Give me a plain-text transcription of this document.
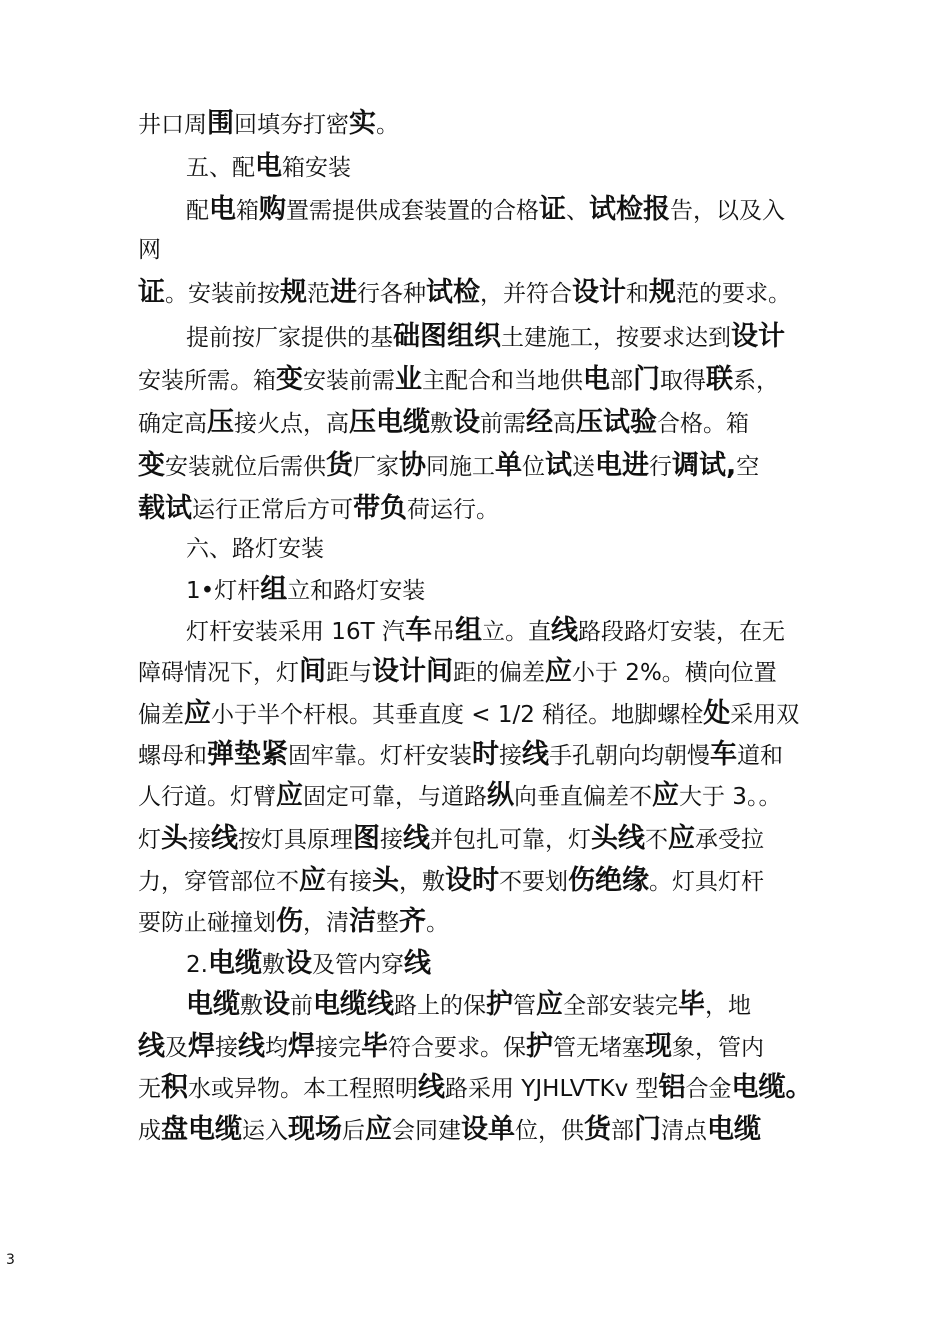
井口周围回填夯打密实。
五、配电箱安装
配电箱购置需提供成套装置的合格证、试检报告，以及入
网
证。安装前按规范进行各种试检，并符合设计和规范的要求。
提前按厂家提供的基础图组织土建施工，按要求达到设计
安装所需。箱变安装前需业主配合和当地供电部门取得联系，
确定高压接火点，高压电缆敷设前需经高压试验合格。箱
变安装就位后需供货厂家协同施工单位试送电进行调试,空
载试运行正常后方可带负荷运行。
六、路灯安装
1•灯杆组立和路灯安装
灯杆安装采用 16T 汽车吊组立。直线路段路灯安装，在无
障碍情况下，灯间距与设计间距的偏差应小于 2%。横向位置
偏差应小于半个杆根。其垂直度 < 1/2 稍径。地脚螺栓处采用双
螺母和弹垫紧固牢靠。灯杆安装时接线手孔朝向均朝慢车道和
人行道。灯臂应固定可靠，与道路纵向垂直偏差不应大于 3。。
灯头接线按灯具原理图接线并包扎可靠，灯头线不应承受拉
力，穿管部位不应有接头，敷设时不要划伤绝缘。灯具灯杆
要防止碰撞划伤，清洁整齐。
2.电缆敷设及管内穿线
电缆敷设前电缆线路上的保护管应全部安装完毕，地
线及焊接线均焊接完毕符合要求。保护管无堵塞现象，管内
无积水或异物。本工程照明线路采用 YJHLVTKv 型铝合金电缆。
成盘电缆运入现场后应会同建设单位，供货部门清点电缆
3
